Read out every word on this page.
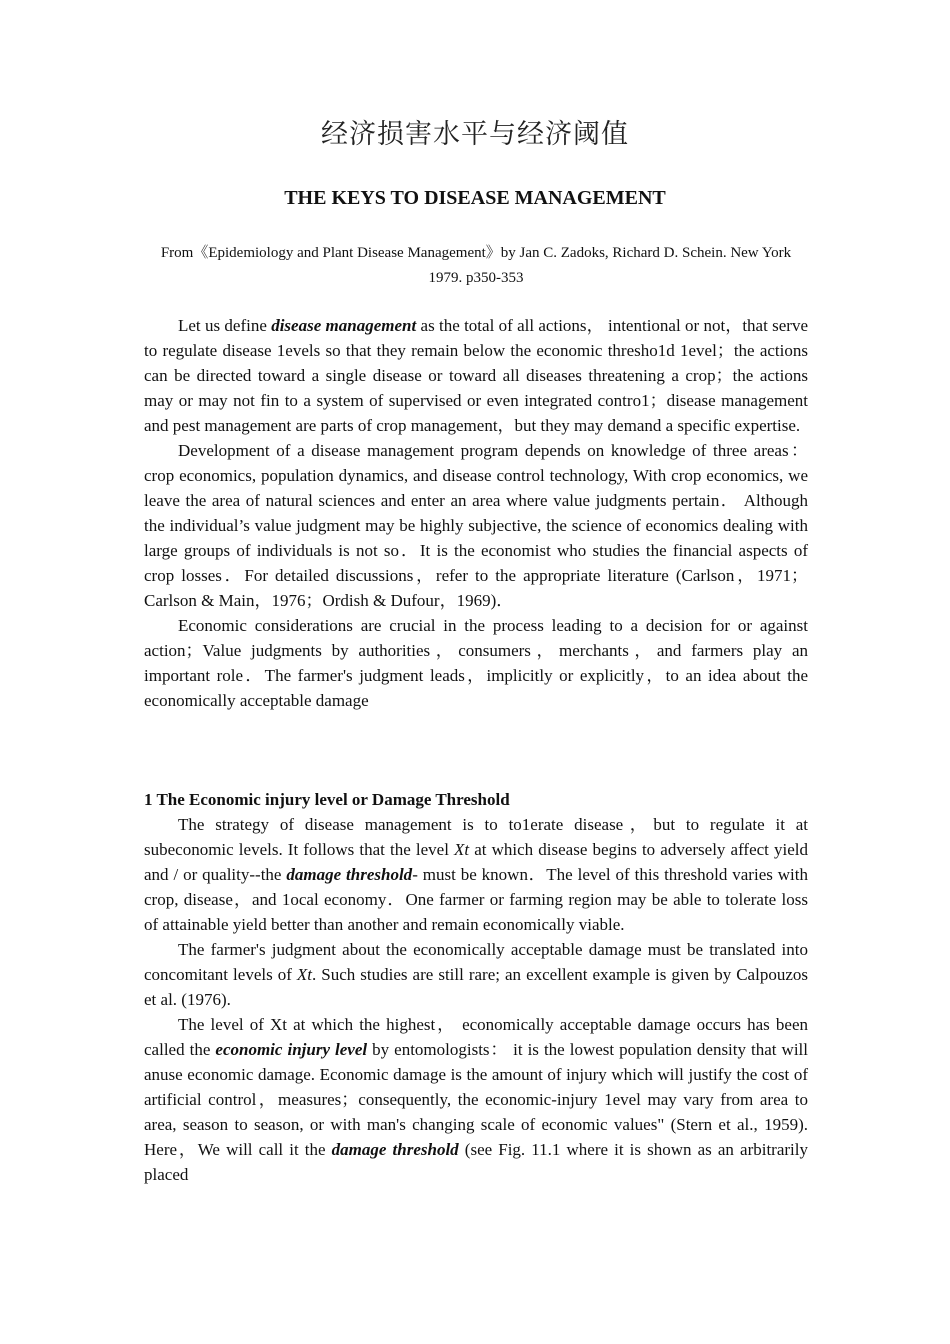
经济损害水平与经济阈值
THE KEYS TO DISEASE MANAGEMENT
From《Epidemiology and Plant Disease Management》by Jan C. Zadoks, Richard D. Schein. New York 1979. p350-353

Let us define disease management as the total of all actions， intentional or not，that serve to regulate disease 1evels so that they remain below the economic thresho1d 1evel；the actions can be directed toward a single disease or toward all diseases threatening a crop；the actions may or may not fin to a system of supervised or even integrated contro1；disease management and pest management are parts of crop management，but they may demand a specific expertise.

Development of a disease management program depends on knowledge of three areas：crop economics, population dynamics, and disease control technology, With crop economics, we leave the area of natural sciences and enter an area where value judgments pertain． Although the individual’s value judgment may be highly subjective, the science of economics dealing with large groups of individuals is not so．It is the economist who studies the financial aspects of crop losses．For detailed discussions，refer to the appropriate literature (Carlson，1971；Carlson & Main，1976；Ordish & Dufour，1969)．

Economic considerations are crucial in the process leading to a decision for or against action；Value judgments by authorities，consumers，merchants，and farmers play an important role．The farmer's judgment leads，implicitly or explicitly，to an idea about the economically acceptable damage

1 The Economic injury level or Damage Threshold

The strategy of disease management is to to1erate disease，but to regulate it at subeconomic levels. It follows that the level Xt at which disease begins to adversely affect yield and / or quality--the damage threshold- must be known．The level of this threshold varies with crop, disease，and 1ocal economy．One farmer or farming region may be able to tolerate loss of attainable yield better than another and remain economically viable.

The farmer's judgment about the economically acceptable damage must be translated into concomitant levels of Xt. Such studies are still rare; an excellent example is given by Calpouzos et al. (1976).

The level of Xt at which the highest， economically acceptable damage occurs has been called the economic injury level by entomologists： it is the lowest population density that will anuse economic damage. Economic damage is the amount of injury which will justify the cost of artificial control，measures；consequently, the economic-injury 1evel may vary from area to area, season to season, or with man's changing scale of economic values" (Stern et al., 1959). Here，We will call it the damage threshold (see Fig. 11.1 where it is shown as an arbitrarily placed
